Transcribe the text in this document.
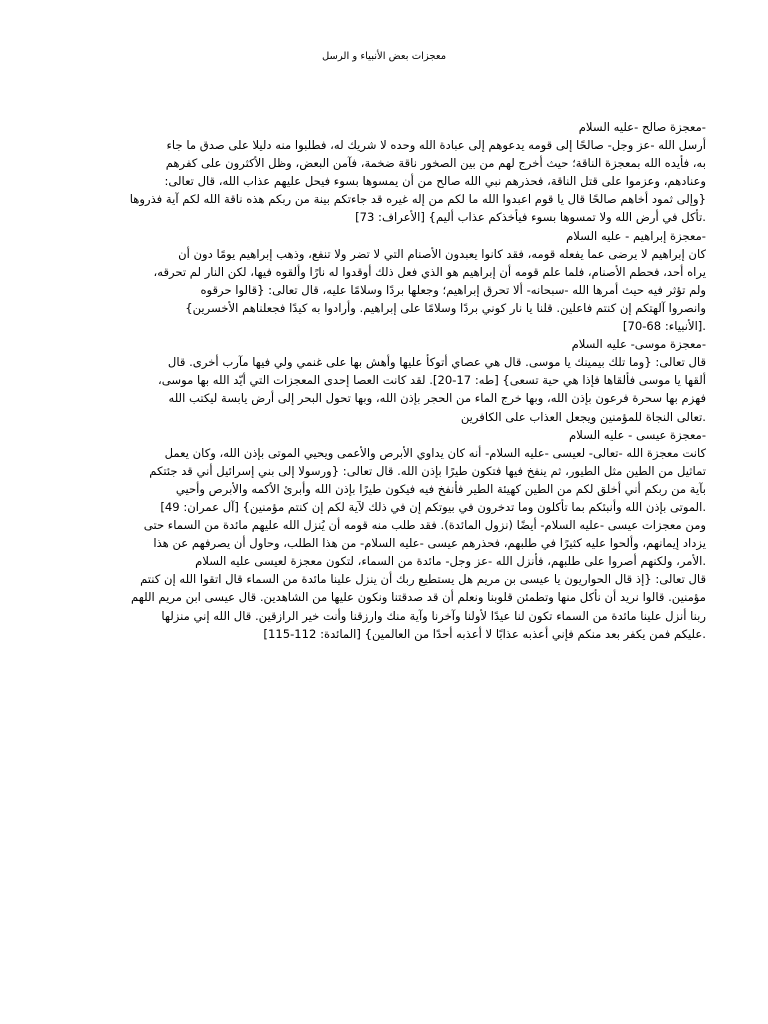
معجزات بعض الأنبياء و الرسل
-معجزة صالح -عليه السلام
أرسل الله -عز وجل- صالحًا إلى قومه يدعوهم إلى عبادة الله وحده لا شريك له، فطلبوا منه دليلا على صدق ما جاء
به، فأيده الله بمعجزة الناقة؛ حيث أخرج لهم من بين الصخور ناقة ضخمة، فآمن البعض، وظل الأكثرون على كفرهم
وعنادهم، وعزموا على قتل الناقة، فحذرهم نبي الله صالح من أن يمسوها بسوء فيحل عليهم عذاب الله، قال تعالى:
{وإلى ثمود أخاهم صالحًا قال يا قوم اعبدوا الله ما لكم من إله غيره قد جاءتكم بينة من ربكم هذه ناقة الله لكم آية فذروها
.تأكل في أرض الله ولا تمسوها بسوء فيأخذكم عذاب أليم} [الأعراف: 73]
-معجزة إبراهيم - عليه السلام
كان إبراهيم لا يرضى عما يفعله قومه، فقد كانوا يعبدون الأصنام التي لا تضر ولا تنفع، وذهب إبراهيم يومًا دون أن
يراه أحد، فحطم الأصنام، فلما علم قومه أن إبراهيم هو الذي فعل ذلك أوقدوا له نارًا وألقوه فيها، لكن النار لم تحرقه،
ولم تؤثر فيه حيث أمرها الله -سبحانه- ألا تحرق إبراهيم؛ وجعلها بردًا وسلامًا عليه، قال تعالى: {قالوا حرقوه
وانصروا آلهتكم إن كنتم فاعلين. قلنا يا نار كوني بردًا وسلامًا على إبراهيم. وأرادوا به كيدًا فجعلناهم الأخسرين}
.[الأنبياء: 68-70]
-معجزة موسى- عليه السلام
قال تعالى: {وما تلك بيمينك يا موسى. قال هي عصاي أتوكأ عليها وأهش بها على غنمي ولي فيها مآرب أخرى. قال
ألقها يا موسى فألقاها فإذا هي حية تسعى} [طه: 17-20]. لقد كانت العصا إحدى المعجزات التي أيّد الله بها موسى،
فهزم بها سحرة فرعون بإذن الله، وبها خرج الماء من الحجر بإذن الله، وبها تحول البحر إلى أرض يابسة ليكتب الله
.تعالى النجاة للمؤمنين ويجعل العذاب على الكافرين
-معجزة عيسى - عليه السلام
كانت معجزة الله -تعالى- لعيسى -عليه السلام- أنه كان يداوي الأبرص والأعمى ويحيي الموتى بإذن الله، وكان يعمل
تماثيل من الطين مثل الطيور، ثم ينفخ فيها فتكون طيرًا بإذن الله. قال تعالى: {ورسولا إلى بني إسرائيل أني قد جئتكم
بآية من ربكم أني أخلق لكم من الطين كهيئة الطير فأنفخ فيه فيكون طيرًا بإذن الله وأبرئ الأكمه والأبرص وأحيي
.الموتى بإذن الله وأنبئكم بما تأكلون وما تدخرون في بيوتكم إن في ذلك لآية لكم إن كنتم مؤمنين} [آل عمران: 49]
ومن معجزات عيسى -عليه السلام- أيضًا (نزول المائدة). فقد طلب منه قومه أن يُنزل الله عليهم مائدة من السماء حتى
يزداد إيمانهم، وألحوا عليه كثيرًا في طلبهم، فحذرهم عيسى -عليه السلام- من هذا الطلب، وحاول أن يصرفهم عن هذا
.الأمر، ولكنهم أصروا على طلبهم، فأنزل الله -عز وجل- مائدة من السماء، لتكون معجزة لعيسى عليه السلام
قال تعالى: {إذ قال الحواريون يا عيسى بن مريم هل يستطيع ربك أن ينزل علينا مائدة من السماء قال اتقوا الله إن كنتم
مؤمنين. قالوا نريد أن نأكل منها وتطمئن قلوبنا ونعلم أن قد صدقتنا ونكون عليها من الشاهدين. قال عيسى ابن مريم اللهم
ربنا أنزل علينا مائدة من السماء تكون لنا عيدًا لأولنا وآخرنا وآية منك وارزقنا وأنت خير الرازقين. قال الله إني منزلها
.عليكم فمن يكفر بعد منكم فإني أعذبه عذابًا لا أعذبه أحدًا من العالمين} [المائدة: 112-115]
